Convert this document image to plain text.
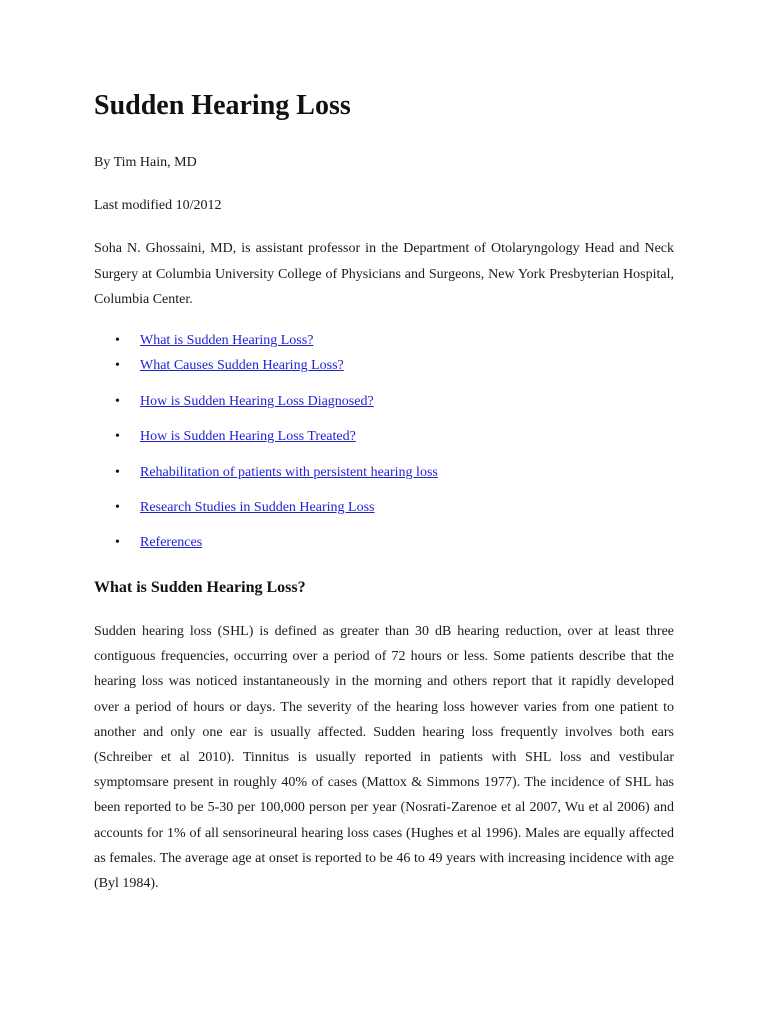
Sudden Hearing Loss

By Tim Hain, MD

Last modified 10/2012

Soha N. Ghossaini, MD, is assistant professor in the Department of Otolaryngology Head and Neck Surgery at Columbia University College of Physicians and Surgeons, New York Presbyterian Hospital, Columbia Center.

• What is Sudden Hearing Loss?
• What Causes Sudden Hearing Loss?
• How is Sudden Hearing Loss Diagnosed?
• How is Sudden Hearing Loss Treated?
• Rehabilitation of patients with persistent hearing loss
• Research Studies in Sudden Hearing Loss
• References
What is Sudden Hearing Loss?

Sudden hearing loss (SHL) is defined as greater than 30 dB hearing reduction, over at least three contiguous frequencies, occurring over a period of 72 hours or less. Some patients describe that the hearing loss was noticed instantaneously in the morning and others report that it rapidly developed over a period of hours or days. The severity of the hearing loss however varies from one patient to another and only one ear is usually affected. Sudden hearing loss frequently involves both ears (Schreiber et al 2010). Tinnitus is usually reported in patients with SHL loss and vestibular symptomsare present in roughly 40% of cases (Mattox & Simmons 1977). The incidence of SHL has been reported to be 5-30 per 100,000 person per year (Nosrati-Zarenoe et al 2007, Wu et al 2006) and accounts for 1% of all sensorineural hearing loss cases (Hughes et al 1996). Males are equally affected as females. The average age at onset is reported to be 46 to 49 years with increasing incidence with age (Byl 1984).
